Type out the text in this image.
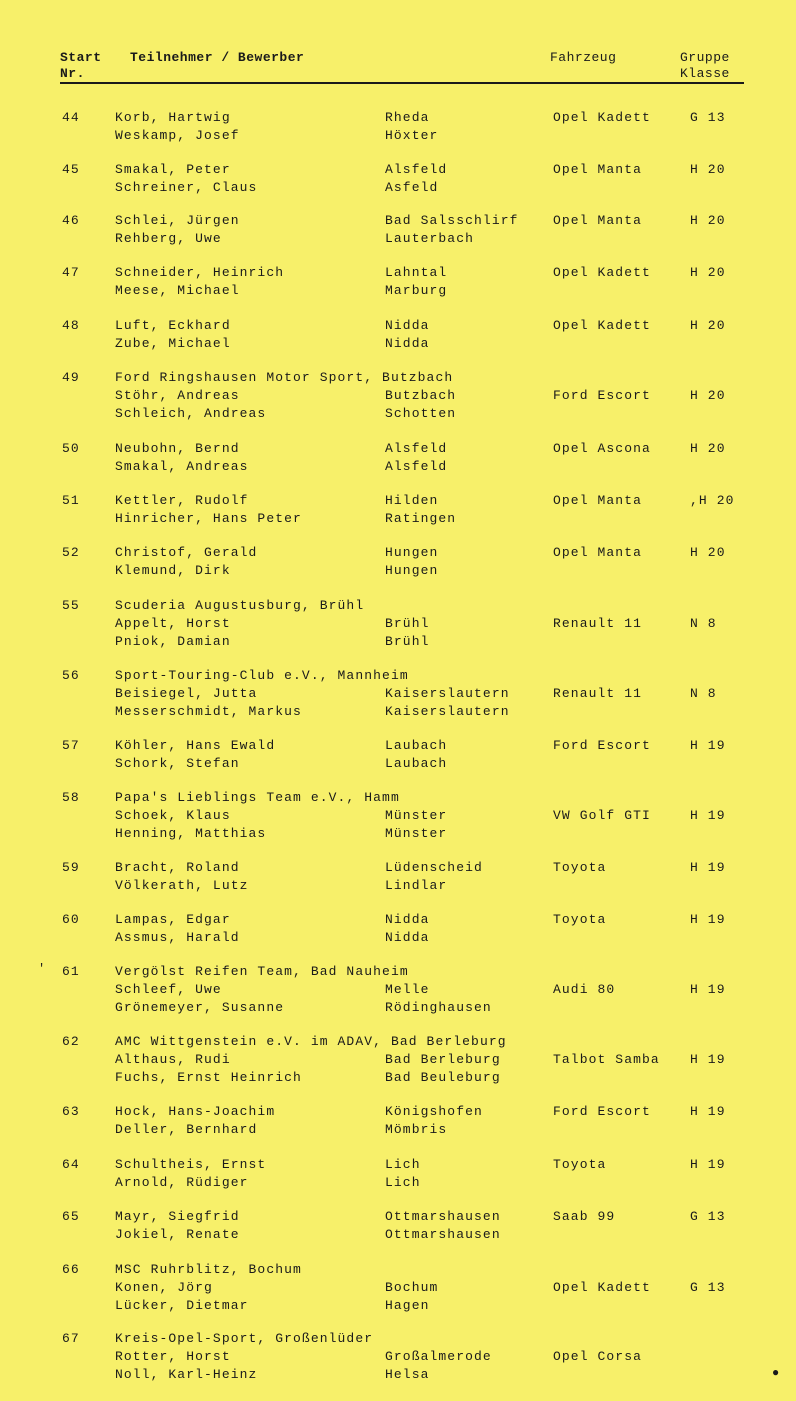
Start
Nr.
Teilnehmer / Bewerber	Fahrzeug	Gruppe
Klasse
44	Korb, Hartwig	Rheda	Opel Kadett	G 13
Weskamp, Josef	Höxter
45	Smakal, Peter	Alsfeld	Opel Manta	H 20
Schreiner, Claus	Asfeld
46	Schlei, Jürgen	Bad Salsschlirf	Opel Manta	H 20
Rehberg, Uwe	Lauterbach
47	Schneider, Heinrich	Lahntal	Opel Kadett	H 20
Meese, Michael	Marburg
48	Luft, Eckhard	Nidda	Opel Kadett	H 20
Zube, Michael	Nidda
49	Ford Ringshausen Motor Sport, Butzbach
Stöhr, Andreas	Butzbach	Ford Escort	H 20
Schleich, Andreas	Schotten
50	Neubohn, Bernd	Alsfeld	Opel Ascona	H 20
Smakal, Andreas	Alsfeld
51	Kettler, Rudolf	Hilden	Opel Manta	,H 20
Hinricher, Hans Peter	Ratingen
52	Christof, Gerald	Hungen	Opel Manta	H 20
Klemund, Dirk	Hungen
55	Scuderia Augustusburg, Brühl
Appelt, Horst	Brühl	Renault 11	N 8
Pniok, Damian	Brühl
56	Sport-Touring-Club e.V., Mannheim
Beisiegel, Jutta	Kaiserslautern	Renault 11	N 8
Messerschmidt, Markus	Kaiserslautern
57	Köhler, Hans Ewald	Laubach	Ford Escort	H 19
Schork, Stefan	Laubach
58	Papa's Lieblings Team e.V., Hamm
Schoek, Klaus	Münster	VW Golf GTI	H 19
Henning, Matthias	Münster
59	Bracht, Roland	Lüdenscheid	Toyota	H 19
Völkerath, Lutz	Lindlar
60	Lampas, Edgar	Nidda	Toyota	H 19
Assmus, Harald	Nidda
61	Vergölst Reifen Team, Bad Nauheim
Schleef, Uwe	Melle	Audi 80	H 19
Grönemeyer, Susanne	Rödinghausen
62	AMC Wittgenstein e.V. im ADAV, Bad Berleburg
Althaus, Rudi	Bad Berleburg	Talbot Samba H 19
Fuchs, Ernst Heinrich	Bad Beuleburg
63	Hock, Hans-Joachim	Königshofen	Ford Escort	H 19
Deller, Bernhard	Mömbris
64	Schultheis, Ernst	Lich	Toyota	H 19
Arnold, Rüdiger	Lich
65	Mayr, Siegfrid	Ottmarshausen	Saab 99	G 13
Jokiel, Renate	Ottmarshausen
66	MSC Ruhrblitz, Bochum
Konen, Jörg	Bochum	Opel Kadett	G 13
Lücker, Dietmar	Hagen
67	Kreis-Opel-Sport, Großenlüder
Rotter, Horst	Großalmerode	Opel Corsa
Noll, Karl-Heinz	Helsa
'
●
